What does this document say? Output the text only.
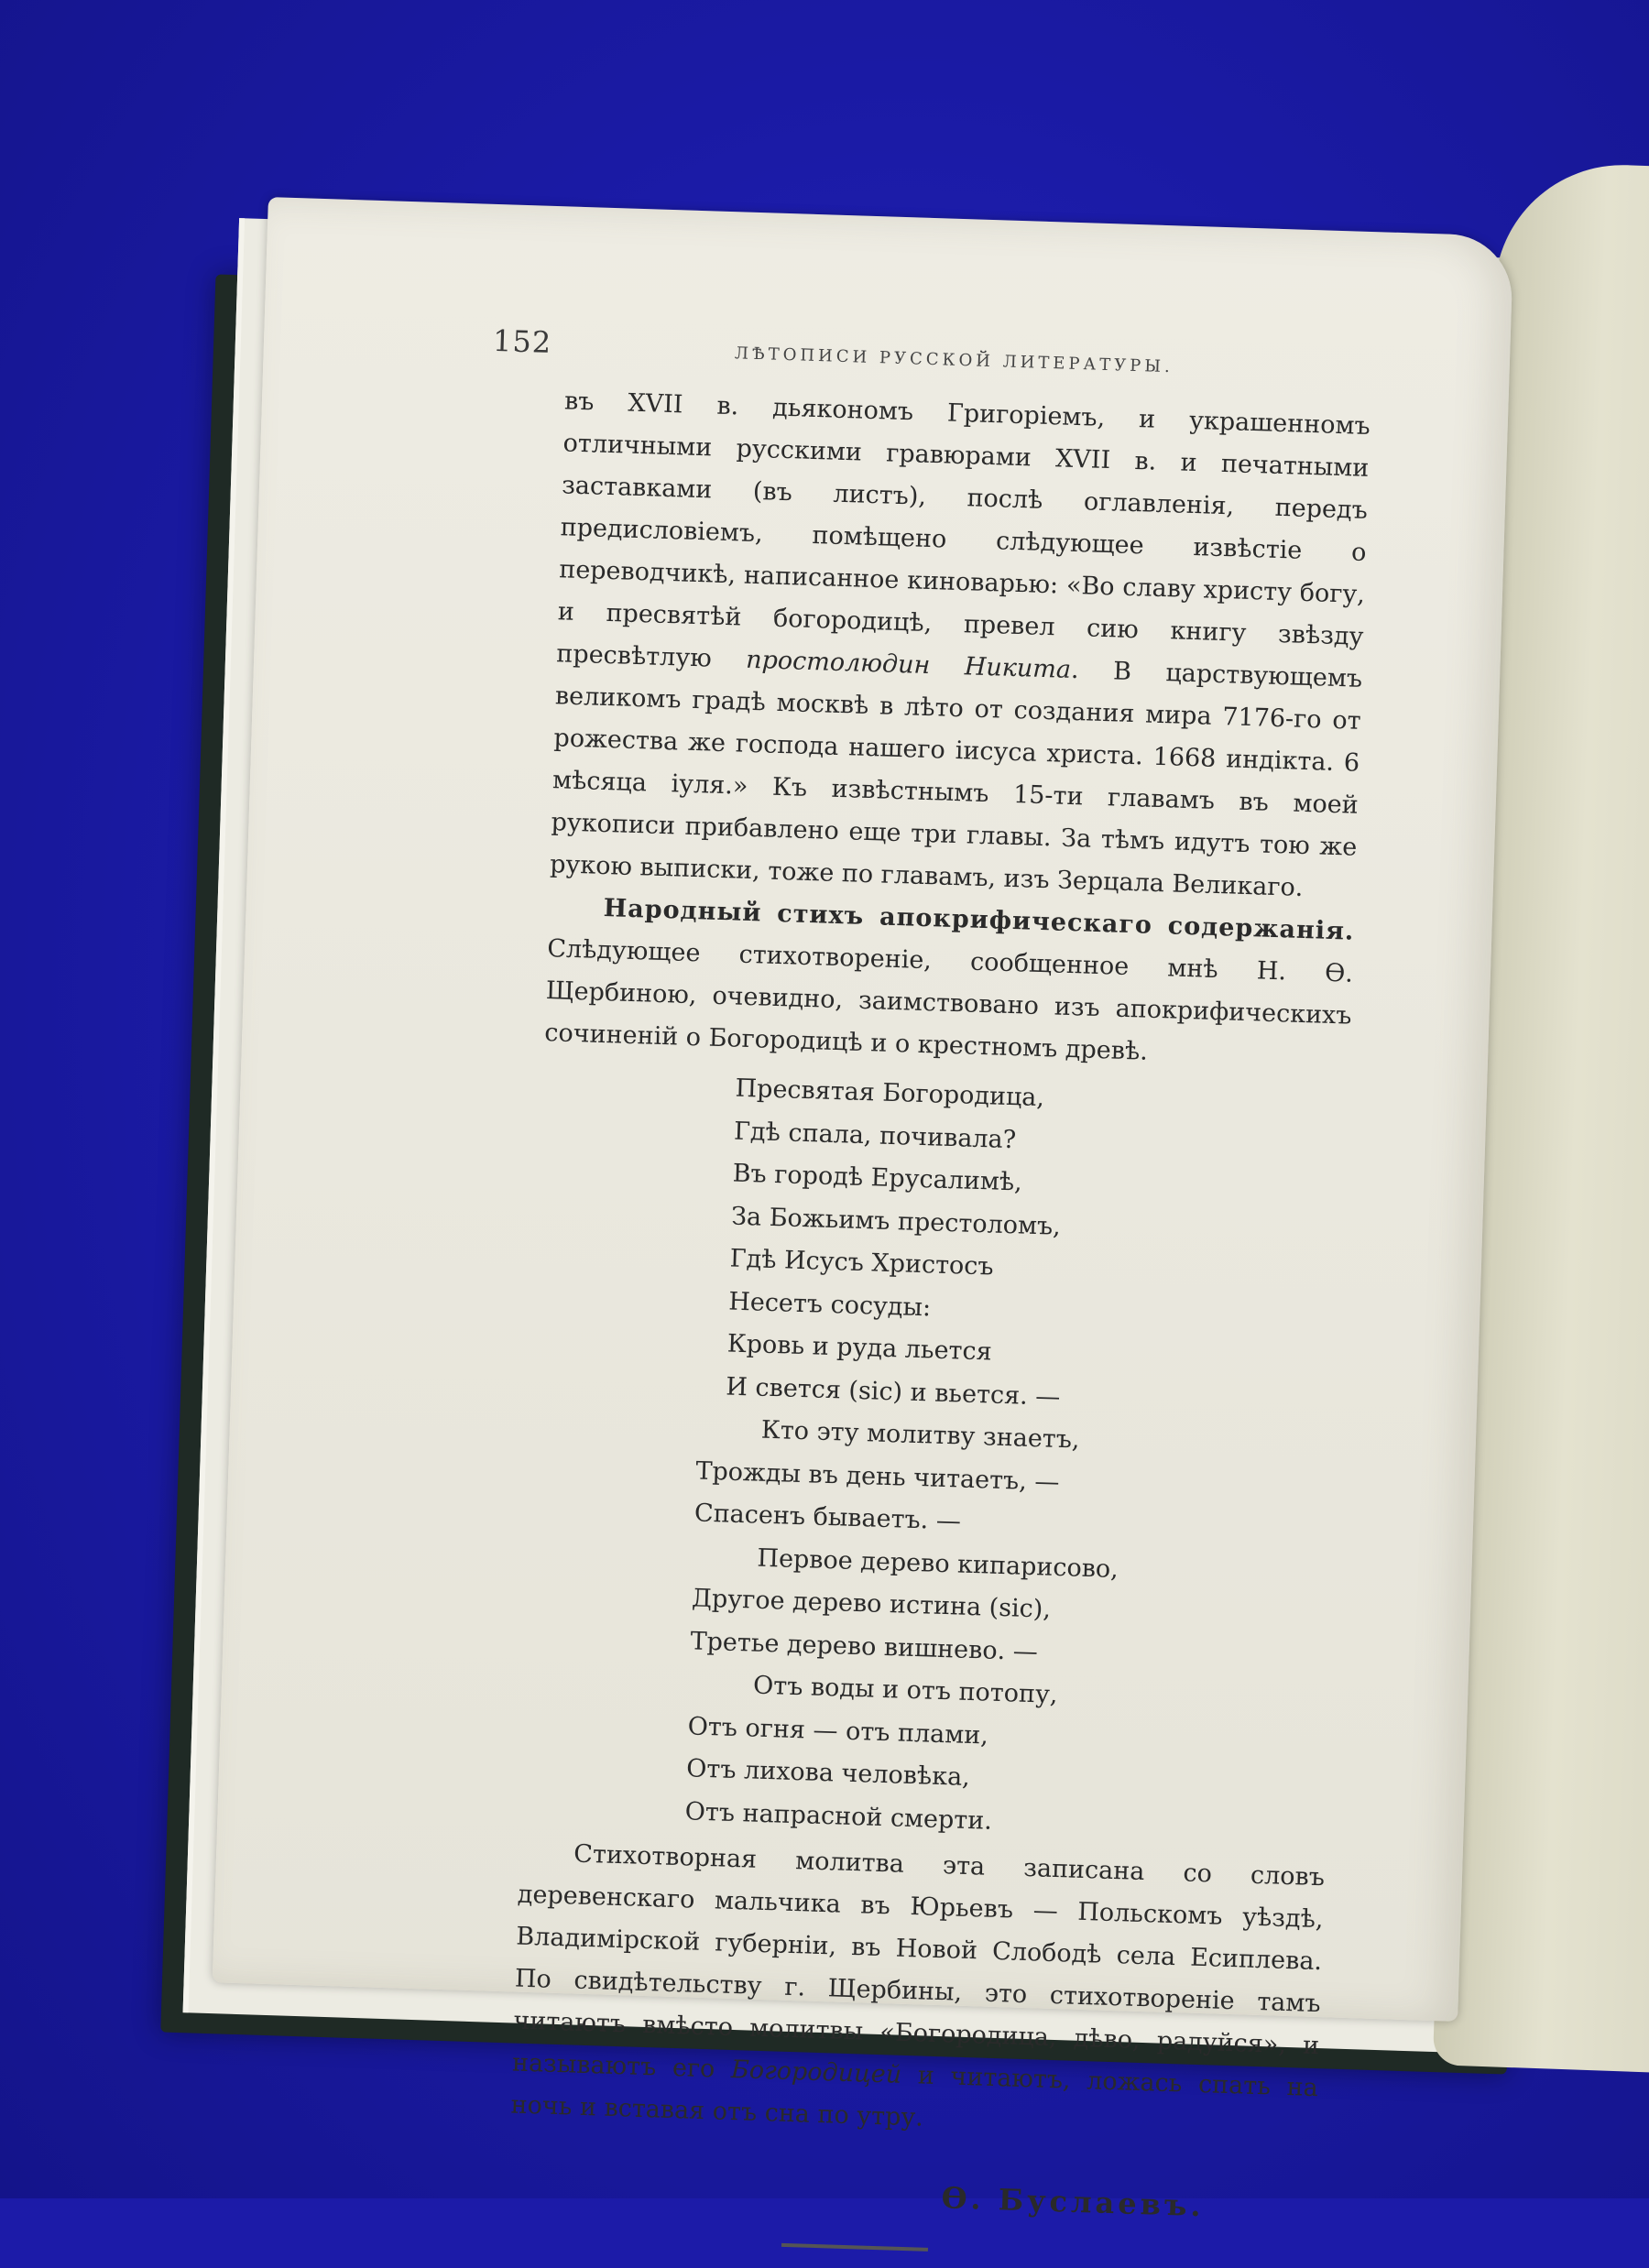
152
ЛѢТОПИСИ РУССКОЙ ЛИТЕРАТУРЫ.

въ XVII в. дьякономъ Григоріемъ, и украшенномъ отличными русскими гравюрами XVII в. и печатными заставками (въ листъ), послѣ оглавленія, передъ предисловіемъ, помѣщено слѣдующее извѣстіе о переводчикѣ, написанное киноварью: «Во славу христу богу, и пресвятѣй богородицѣ, превел сию книгу звѣзду пресвѣтлую простолюдин Никита. В царствующемъ великомъ градѣ москвѣ в лѣто от создания мира 7176-го от рожества же господа нашего іисуса христа. 1668 индікта. 6 мѣсяца іуля.» Къ извѣстнымъ 15-ти главамъ въ моей рукописи прибавлено еще три главы. За тѣмъ идутъ тою же рукою выписки, тоже по главамъ, изъ Зерцала Великаго.

Народный стихъ апокрифическаго содержанія. Слѣдующее стихотвореніе, сообщенное мнѣ Н. Ѳ. Щербиною, очевидно, заимствовано изъ апокрифическихъ сочиненій о Богородицѣ и о крестномъ древѣ.

Пресвятая Богородица,
Гдѣ спала, почивала?
Въ городѣ Ерусалимѣ,
За Божьимъ престоломъ,
Гдѣ Исусъ Христосъ
Несетъ сосуды:
Кровь и руда льется
И свется (sic) и вьется. —
Кто эту молитву знаетъ,
Трожды въ день читаетъ, —
Спасенъ бываетъ. —
Первое дерево кипарисово,
Другое дерево истина (sic),
Третье дерево вишнево. —
Отъ воды и отъ потопу,
Отъ огня — отъ плами,
Отъ лихова человѣка,
Отъ напрасной смерти.

Стихотворная молитва эта записана со словъ деревенскаго мальчика въ Юрьевъ — Польскомъ уѣздѣ, Владимірской губерніи, въ Новой Слободѣ села Есиплева. По свидѣтельству г. Щербины, это стихотвореніе тамъ читаютъ вмѣсто молитвы «Богородица, дѣво, радуйся», и называютъ его Богородицей и читаютъ, ложась спать на ночь и вставая отъ сна по утру.

Ѳ. Буслаевъ.
